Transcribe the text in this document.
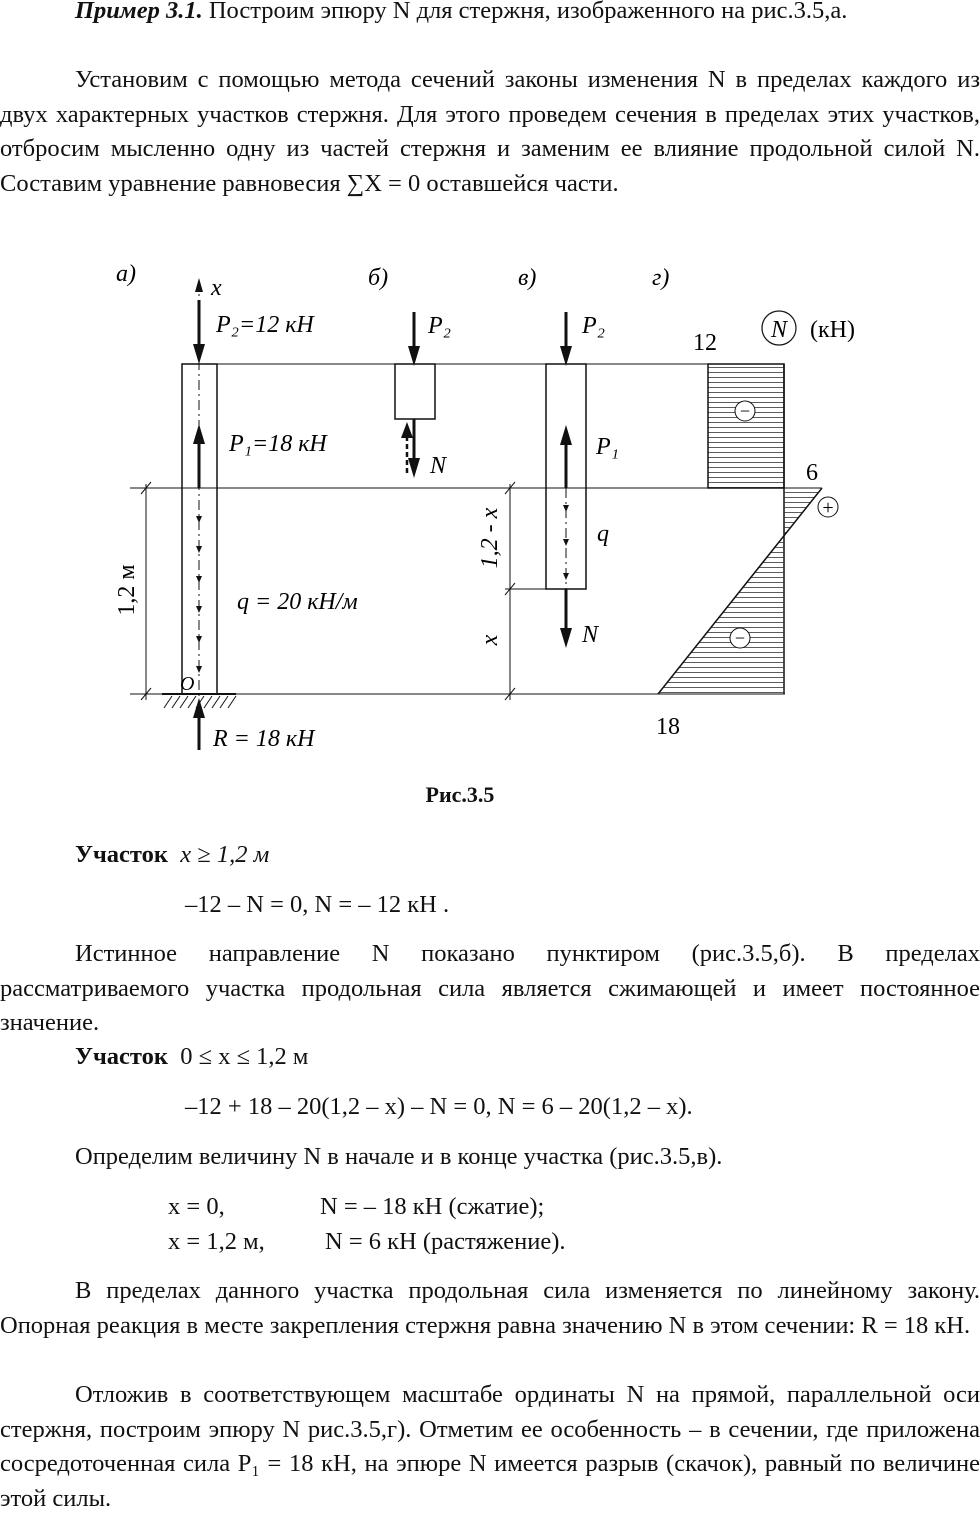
Пример 3.1. Построим эпюру N для стержня, изображенного на рис.3.5,а.

Установим с помощью метода сечений законы изменения N в пределах каждого из двух характерных участков стержня. Для этого проведем сечения в пределах этих участков, отбросим мысленно одну из частей стержня и заменим ее влияние продольной силой N. Составим уравнение равновесия ∑X = 0 оставшейся части.

а)	б)	в)	г)
1,2 м
x
P₂=12 кН
P₁=18 кН
q = 20 кН/м
O
R = 18 кН
P₂
N
P₂
P₁
q
N
1,2 - x
x
12
6
18
−
+
−
N (кН)
Рис.3.5
Участок x ≥ 1,2 м
–12 – N = 0, N = – 12 кН .

Истинное направление N показано пунктиром (рис.3.5,б). В пределах рассматриваемого участка продольная сила является сжимающей и имеет постоянное значение.

Участок 0 ≤ x ≤ 1,2 м
–12 + 18 – 20(1,2 – x) – N = 0, N = 6 – 20(1,2 – x).

Определим величину N в начале и в конце участка (рис.3.5,в).

x = 0,	N = – 18 кН (сжатие);
x = 1,2 м, N = 6 кН (растяжение).

В пределах данного участка продольная сила изменяется по линейному закону. Опорная реакция в месте закрепления стержня равна значению N в этом сечении: R = 18 кН.

Отложив в соответствующем масштабе ординаты N на прямой, параллельной оси стержня, построим эпюру N рис.3.5,г). Отметим ее особенность – в сечении, где приложена сосредоточенная сила P₁ = 18 кН, на эпюре N имеется разрыв (скачок), равный по величине этой силы.
